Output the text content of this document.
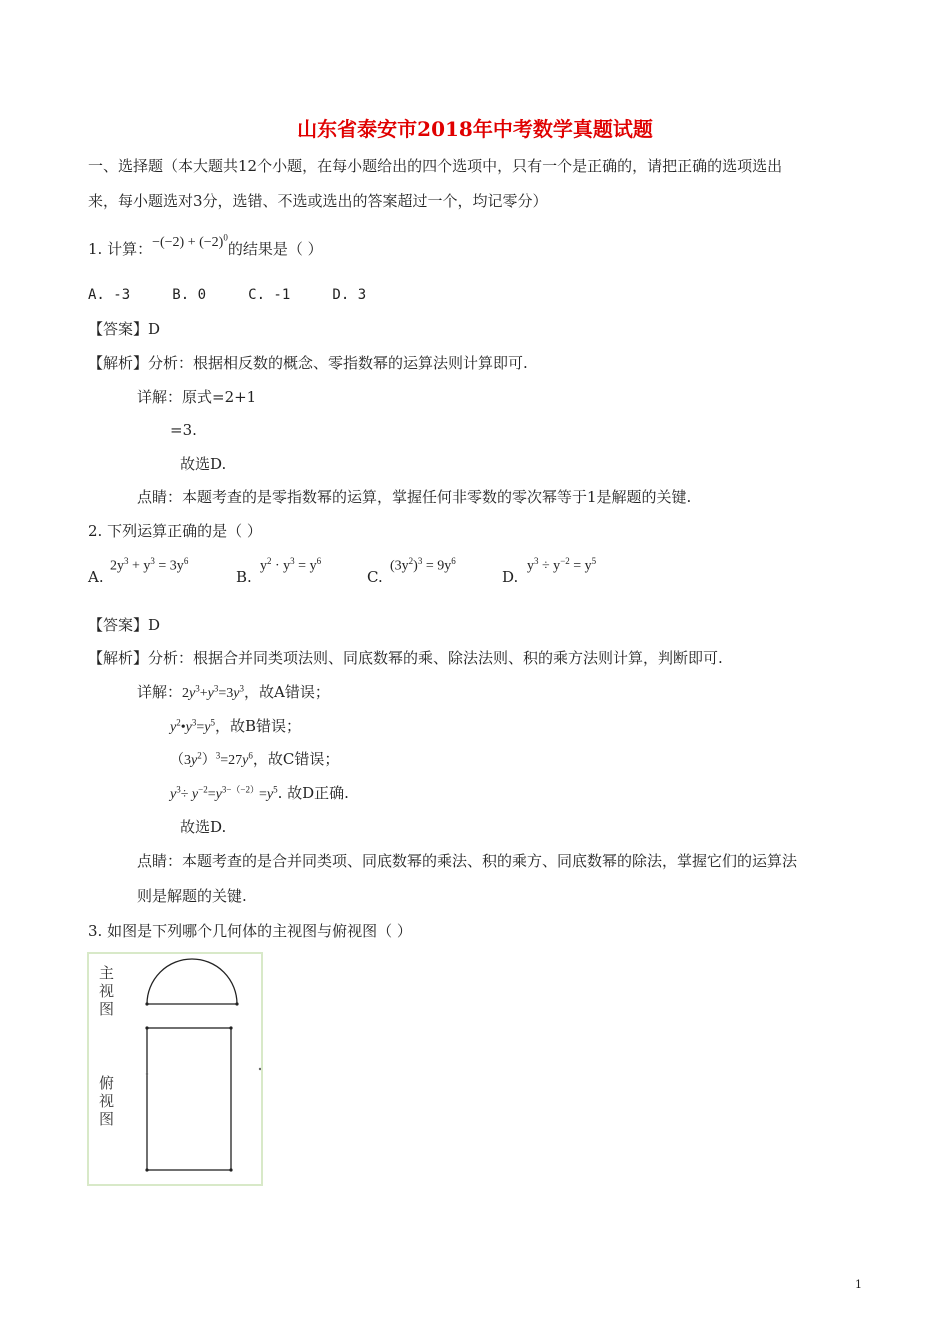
山东省泰安市2018年中考数学真题试题
一、选择题（本大题共12个小题，在每小题给出的四个选项中，只有一个是正确的，请把正确的选项选出
来，每小题选对3分，选错、不选或选出的答案超过一个，均记零分）
1. 计算：$-(-2) + (-2)^0$的结果是（ ）
A. -3     B. 0     C. -1     D. 3
【答案】D
【解析】分析：根据相反数的概念、零指数幂的运算法则计算即可.
详解：原式=2+1
=3.
故选D.
点睛：本题考查的是零指数幂的运算，掌握任何非零数的零次幂等于1是解题的关键.
2. 下列运算正确的是（ ）
A.
$2y^3 + y^3 = 3y^6$
B.
$y^2 \cdot y^3 = y^6$
C.
$(3y^2)^3 = 9y^6$
D.
$y^3 \div y^{-2} = y^5$
【答案】D
【解析】分析：根据合并同类项法则、同底数幂的乘、除法法则、积的乘方法则计算，判断即可.
详解：$2y^3+y^3=3y^3$，故A错误；
$y^2•y^3=y^5$，故B错误；
$(3y^2)^3=27y^6$，故C错误；
$y^3\div y^{-2}=y^{3-(-2)}=y^5$. 故D正确.
故选D.
点睛：本题考查的是合并同类项、同底数幂的乘法、积的乘方、同底数幂的除法，掌握它们的运算法
则是解题的关键.
3. 如图是下列哪个几何体的主视图与俯视图（ ）
主视图
俯视图
1
